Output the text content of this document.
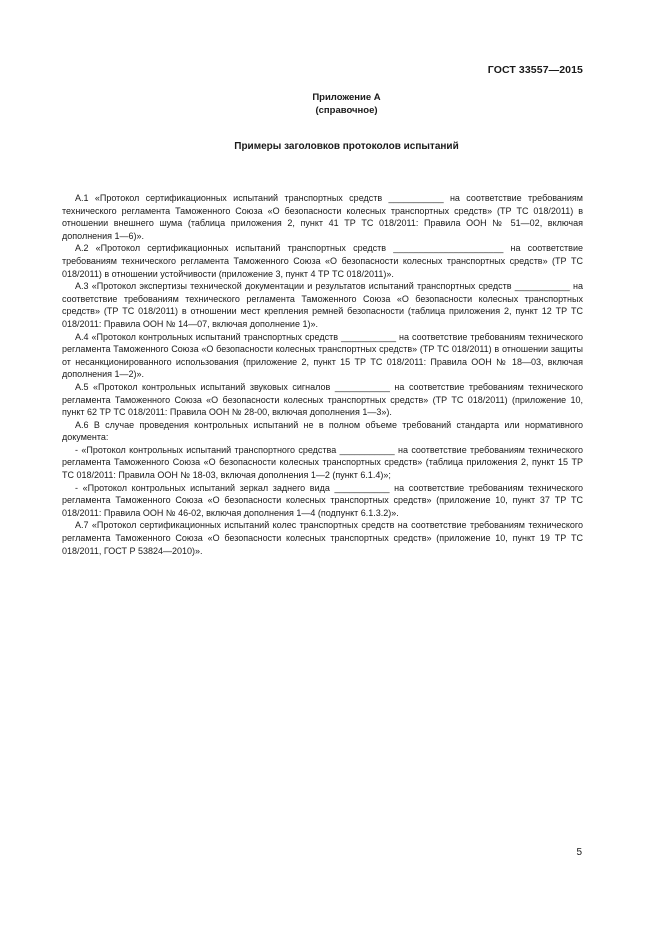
ГОСТ 33557—2015
Приложение А
(справочное)
Примеры заголовков протоколов испытаний

А.1 «Протокол сертификационных испытаний транспортных средств ___________ на соответствие требованиям технического регламента Таможенного Союза «О безопасности колесных транспортных средств» (ТР ТС 018/2011) в отношении внешнего шума (таблица приложения 2, пункт 41 ТР ТС 018/2011: Правила ООН № 51—02, включая дополнения 1—6)».

А.2 «Протокол сертификационных испытаний транспортных средств ______________________ на соответствие требованиям технического регламента Таможенного Союза «О безопасности колесных транспортных средств» (ТР ТС 018/2011) в отношении устойчивости (приложение 3, пункт 4 ТР ТС 018/2011)».

А.3 «Протокол экспертизы технической документации и результатов испытаний транспортных средств ___________ на соответствие требованиям технического регламента Таможенного Союза «О безопасности колесных транспортных средств» (ТР ТС 018/2011) в отношении мест крепления ремней безопасности (таблица приложения 2, пункт 12 ТР ТС 018/2011: Правила ООН № 14—07, включая дополнение 1)».

А.4 «Протокол контрольных испытаний транспортных средств ___________ на соответствие требованиям технического регламента Таможенного Союза «О безопасности колесных транспортных средств» (ТР ТС 018/2011) в отношении защиты от несанкционированного использования (приложение 2, пункт 15 ТР ТС 018/2011: Правила ООН № 18—03, включая дополнения 1—2)».

А.5 «Протокол контрольных испытаний звуковых сигналов ___________ на соответствие требованиям технического регламента Таможенного Союза «О безопасности колесных транспортных средств» (ТР ТС 018/2011) (приложение 10, пункт 62 ТР ТС 018/2011: Правила ООН № 28-00, включая дополнения 1—3»).

А.6 В случае проведения контрольных испытаний не в полном объеме требований стандарта или нормативного документа:

- «Протокол контрольных испытаний транспортного средства ___________ на соответствие требованиям технического регламента Таможенного Союза «О безопасности колесных транспортных средств» (таблица приложения 2, пункт 15 ТР ТС 018/2011: Правила ООН № 18-03, включая дополнения 1—2 (пункт 6.1.4)»;

- «Протокол контрольных испытаний зеркал заднего вида ___________ на соответствие требованиям технического регламента Таможенного Союза «О безопасности колесных транспортных средств» (приложение 10, пункт 37 ТР ТС 018/2011: Правила ООН № 46-02, включая дополнения 1—4 (подпункт 6.1.3.2)».

А.7 «Протокол сертификационных испытаний колес транспортных средств на соответствие требованиям технического регламента Таможенного Союза «О безопасности колесных транспортных средств» (приложение 10, пункт 19 ТР ТС 018/2011, ГОСТ Р 53824—2010)».

5
